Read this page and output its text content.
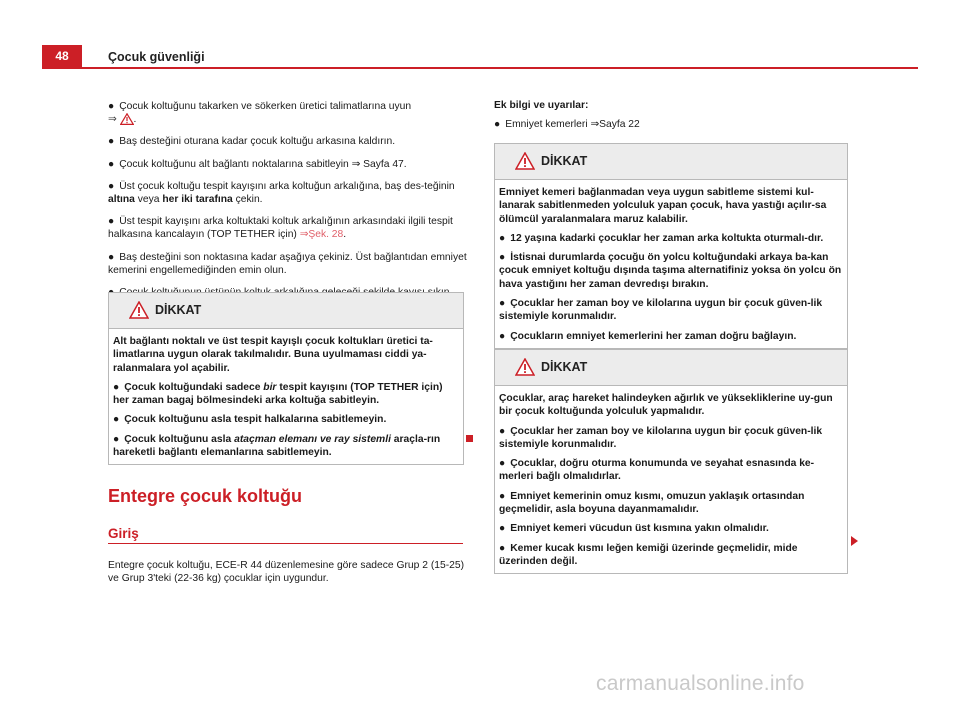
48	Çocuk güvenliği

● Çocuk koltuğunu takarken ve sökerken üretici talimatlarına uyun
⇒ .

● Baş desteğini oturana kadar çocuk koltuğu arkasına kaldırın.

● Çocuk koltuğunu alt bağlantı noktalarına sabitleyin ⇒ Sayfa 47.

● Üst çocuk koltuğu tespit kayışını arka koltuğun arkalığına, baş des-teğinin altına veya her iki tarafına çekin.

● Üst tespit kayışını arka koltuktaki koltuk arkalığının arkasındaki ilgili tespit halkasına kancalayın (TOP TETHER için) ⇒Şek. 28.

● Baş desteğini son noktasına kadar aşağıya çekiniz. Üst bağlantıdan emniyet kemerini engellemediğinden emin olun.

DİKKAT

Alt bağlantı noktalı ve üst tespit kayışlı çocuk koltukları üretici ta-limatlarına uygun olarak takılmalıdır. Buna uyulmaması ciddi ya-ralanmalara yol açabilir.

● Çocuk koltuğundaki sadece bir tespit kayışını (TOP TETHER için) her zaman bagaj bölmesindeki arka koltuğa sabitleyin.

● Çocuk koltuğunu asla tespit halkalarına sabitlemeyin.

● Çocuk koltuğunu asla ataçman elemanı ve ray sistemli araçla-rın hareketli bağlantı elemanlarına sabitlemeyin.

Entegre çocuk koltuğu
Giriş
Entegre çocuk koltuğu, ECE-R 44 düzenlemesine göre sadece Grup 2 (15-25) ve Grup 3'teki (22-36 kg) çocuklar için uygundur.
Ek bilgi ve uyarılar:
● Emniyet kemerleri ⇒Sayfa 22
DİKKAT

Emniyet kemeri bağlanmadan veya uygun sabitleme sistemi kul-lanarak sabitlenmeden yolculuk yapan çocuk, hava yastığı açılır-sa ölümcül yaralanmalara maruz kalabilir.

● 12 yaşına kadarki çocuklar her zaman arka koltukta oturmalı-dır.

● İstisnai durumlarda çocuğu ön yolcu koltuğundaki arkaya ba-kan çocuk emniyet koltuğu dışında taşıma alternatifiniz yoksa ön yolcu ön hava yastığını her zaman devredışı bırakın.

● Çocuklar her zaman boy ve kilolarına uygun bir çocuk güven-lik sistemiyle korunmalıdır.

● Çocukların emniyet kemerlerini her zaman doğru bağlayın.

DİKKAT

Çocuklar, araç hareket halindeyken ağırlık ve yüksekliklerine uy-gun bir çocuk koltuğunda yolculuk yapmalıdır.

● Çocuklar her zaman boy ve kilolarına uygun bir çocuk güven-lik sistemiyle korunmalıdır.

● Çocuklar, doğru oturma konumunda ve seyahat esnasında ke-merleri bağlı olmalıdırlar.

● Emniyet kemerinin omuz kısmı, omuzun yaklaşık ortasından geçmelidir, asla boyuna dayanmamalıdır.

● Emniyet kemeri vücudun üst kısmına yakın olmalıdır.

● Kemer kucak kısmı leğen kemiği üzerinde geçmelidir, mide üzerinden değil.

carmanualsonline.info
